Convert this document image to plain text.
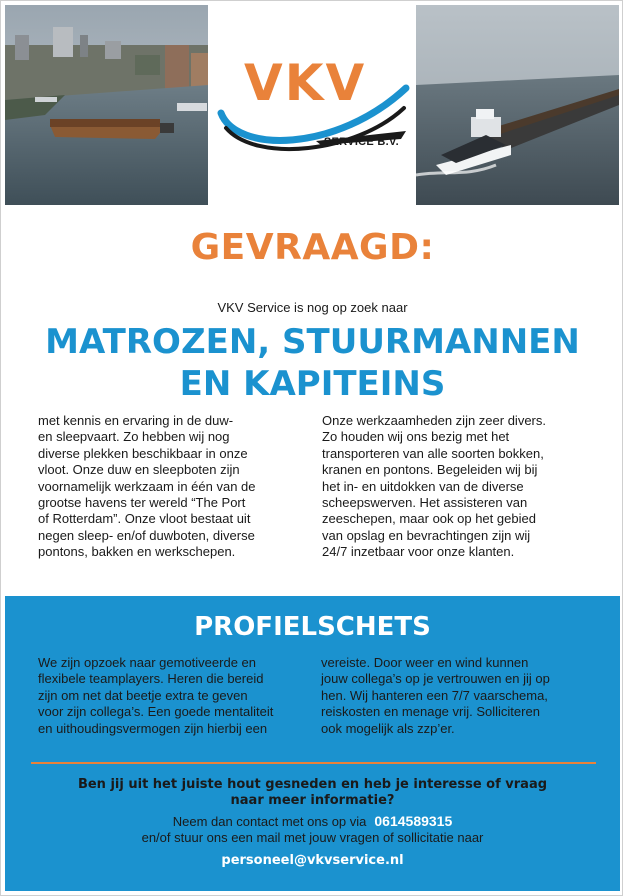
VKV
SERVICE B.V.
GEVRAAGD:
VKV Service is nog op zoek naar
MATROZEN, STUURMANNEN
EN KAPITEINS
met kennis en ervaring in de duw-
en sleepvaart. Zo hebben wij nog
diverse plekken beschikbaar in onze
vloot. Onze duw en sleepboten zijn
voornamelijk werkzaam in één van de
grootse havens ter wereld “The Port
of Rotterdam”. Onze vloot bestaat uit
negen sleep- en/of duwboten, diverse
pontons, bakken en werkschepen.
Onze werkzaamheden zijn zeer divers.
Zo houden wij ons bezig met het
transporteren van alle soorten bokken,
kranen en pontons. Begeleiden wij bij
het in- en uitdokken van de diverse
scheepswerven. Het assisteren van
zeeschepen, maar ook op het gebied
van opslag en bevrachtingen zijn wij
24/7 inzetbaar voor onze klanten.
PROFIELSCHETS
We zijn opzoek naar gemotiveerde en
flexibele teamplayers. Heren die bereid
zijn om net dat beetje extra te geven
voor zijn collega’s. Een goede mentaliteit
en uithoudingsvermogen zijn hierbij een
vereiste. Door weer en wind kunnen
jouw collega’s op je vertrouwen en jij op
hen. Wij hanteren een 7/7 vaarschema,
reiskosten en menage vrij. Solliciteren
ook mogelijk als zzp’er.
Ben jij uit het juiste hout gesneden en heb je interesse of vraag
naar meer informatie?
Neem dan contact met ons op via 0614589315
en/of stuur ons een mail met jouw vragen of sollicitatie naar
personeel@vkvservice.nl
